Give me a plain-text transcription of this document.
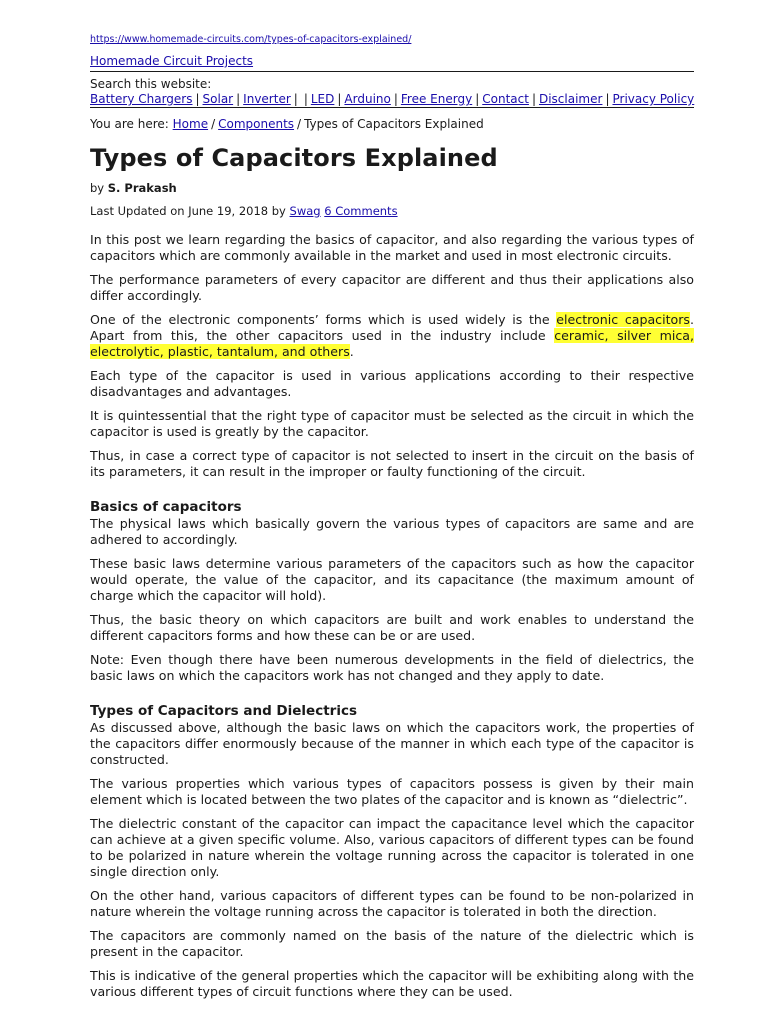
https://www.homemade-circuits.com/types-of-capacitors-explained/
Homemade Circuit Projects
Search this website:
Battery Chargers | Solar | Inverter | | LED | Arduino | Free Energy | Contact | Disclaimer | Privacy Policy
You are here: Home / Components / Types of Capacitors Explained
Types of Capacitors Explained
by S. Prakash
Last Updated on June 19, 2018 by Swag 6 Comments

In this post we learn regarding the basics of capacitor, and also regarding the various types of capacitors which are commonly available in the market and used in most electronic circuits.

The performance parameters of every capacitor are different and thus their applications also differ accordingly.

One of the electronic components’ forms which is used widely is the electronic capacitors. Apart from this, the other capacitors used in the industry include ceramic, silver mica, electrolytic, plastic, tantalum, and others.

Each type of the capacitor is used in various applications according to their respective disadvantages and advantages.

It is quintessential that the right type of capacitor must be selected as the circuit in which the capacitor is used is greatly by the capacitor.

Thus, in case a correct type of capacitor is not selected to insert in the circuit on the basis of its parameters, it can result in the improper or faulty functioning of the circuit.

Basics of capacitors

The physical laws which basically govern the various types of capacitors are same and are adhered to accordingly.

These basic laws determine various parameters of the capacitors such as how the capacitor would operate, the value of the capacitor, and its capacitance (the maximum amount of charge which the capacitor will hold).

Thus, the basic theory on which capacitors are built and work enables to understand the different capacitors forms and how these can be or are used.

Note: Even though there have been numerous developments in the field of dielectrics, the basic laws on which the capacitors work has not changed and they apply to date.

Types of Capacitors and Dielectrics

As discussed above, although the basic laws on which the capacitors work, the properties of the capacitors differ enormously because of the manner in which each type of the capacitor is constructed.

The various properties which various types of capacitors possess is given by their main element which is located between the two plates of the capacitor and is known as “dielectric”.

The dielectric constant of the capacitor can impact the capacitance level which the capacitor can achieve at a given specific volume. Also, various capacitors of different types can be found to be polarized in nature wherein the voltage running across the capacitor is tolerated in one single direction only.

On the other hand, various capacitors of different types can be found to be non-polarized in nature wherein the voltage running across the capacitor is tolerated in both the direction.

The capacitors are commonly named on the basis of the nature of the dielectric which is present in the capacitor.

This is indicative of the general properties which the capacitor will be exhibiting along with the various different types of circuit functions where they can be used.
